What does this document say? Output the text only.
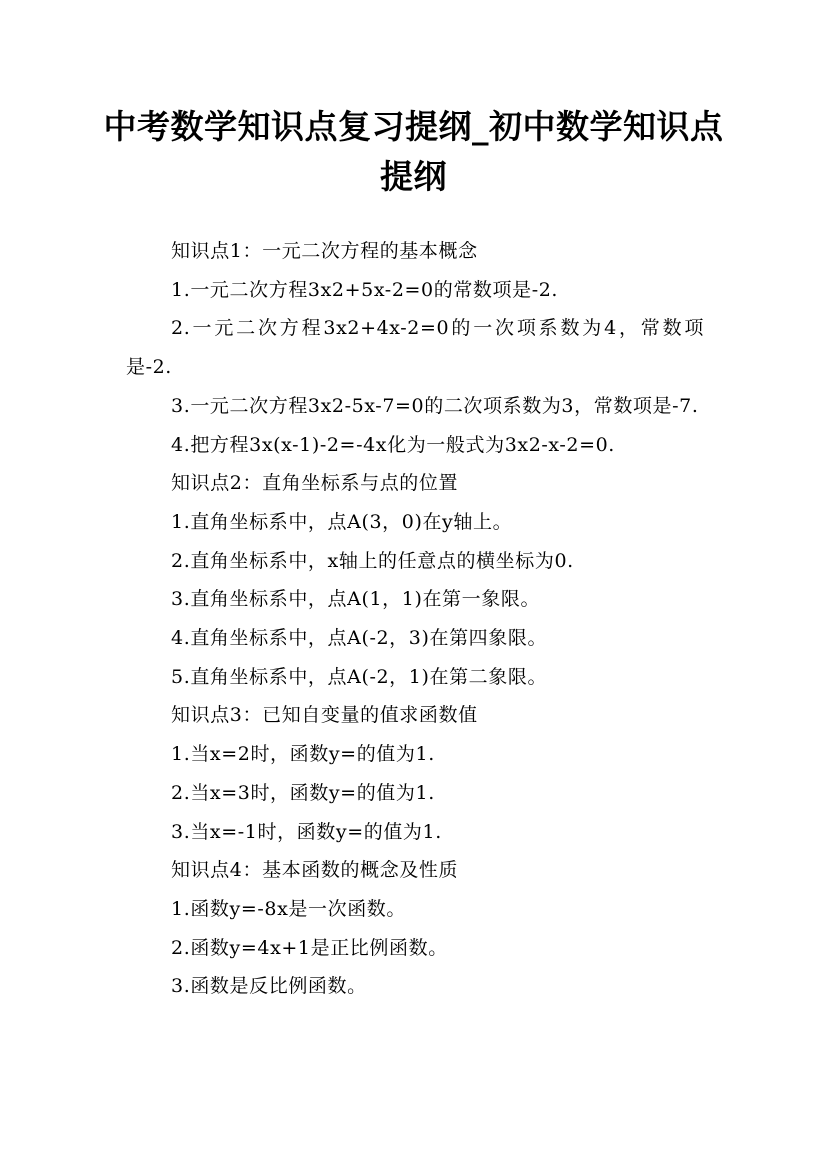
中考数学知识点复习提纲_初中数学知识点提纲

知识点1：一元二次方程的基本概念

1.一元二次方程3x2+5x-2=0的常数项是-2.

2.一元二次方程3x2+4x-2=0的一次项系数为4，常数项是-2.

3.一元二次方程3x2-5x-7=0的二次项系数为3，常数项是-7.

4.把方程3x(x-1)-2=-4x化为一般式为3x2-x-2=0.

知识点2：直角坐标系与点的位置

1.直角坐标系中，点A(3，0)在y轴上。

2.直角坐标系中，x轴上的任意点的横坐标为0.

3.直角坐标系中，点A(1，1)在第一象限。

4.直角坐标系中，点A(-2，3)在第四象限。

5.直角坐标系中，点A(-2，1)在第二象限。

知识点3：已知自变量的值求函数值

1.当x=2时，函数y=的值为1.

2.当x=3时，函数y=的值为1.

3.当x=-1时，函数y=的值为1.

知识点4：基本函数的概念及性质

1.函数y=-8x是一次函数。

2.函数y=4x+1是正比例函数。

3.函数是反比例函数。
